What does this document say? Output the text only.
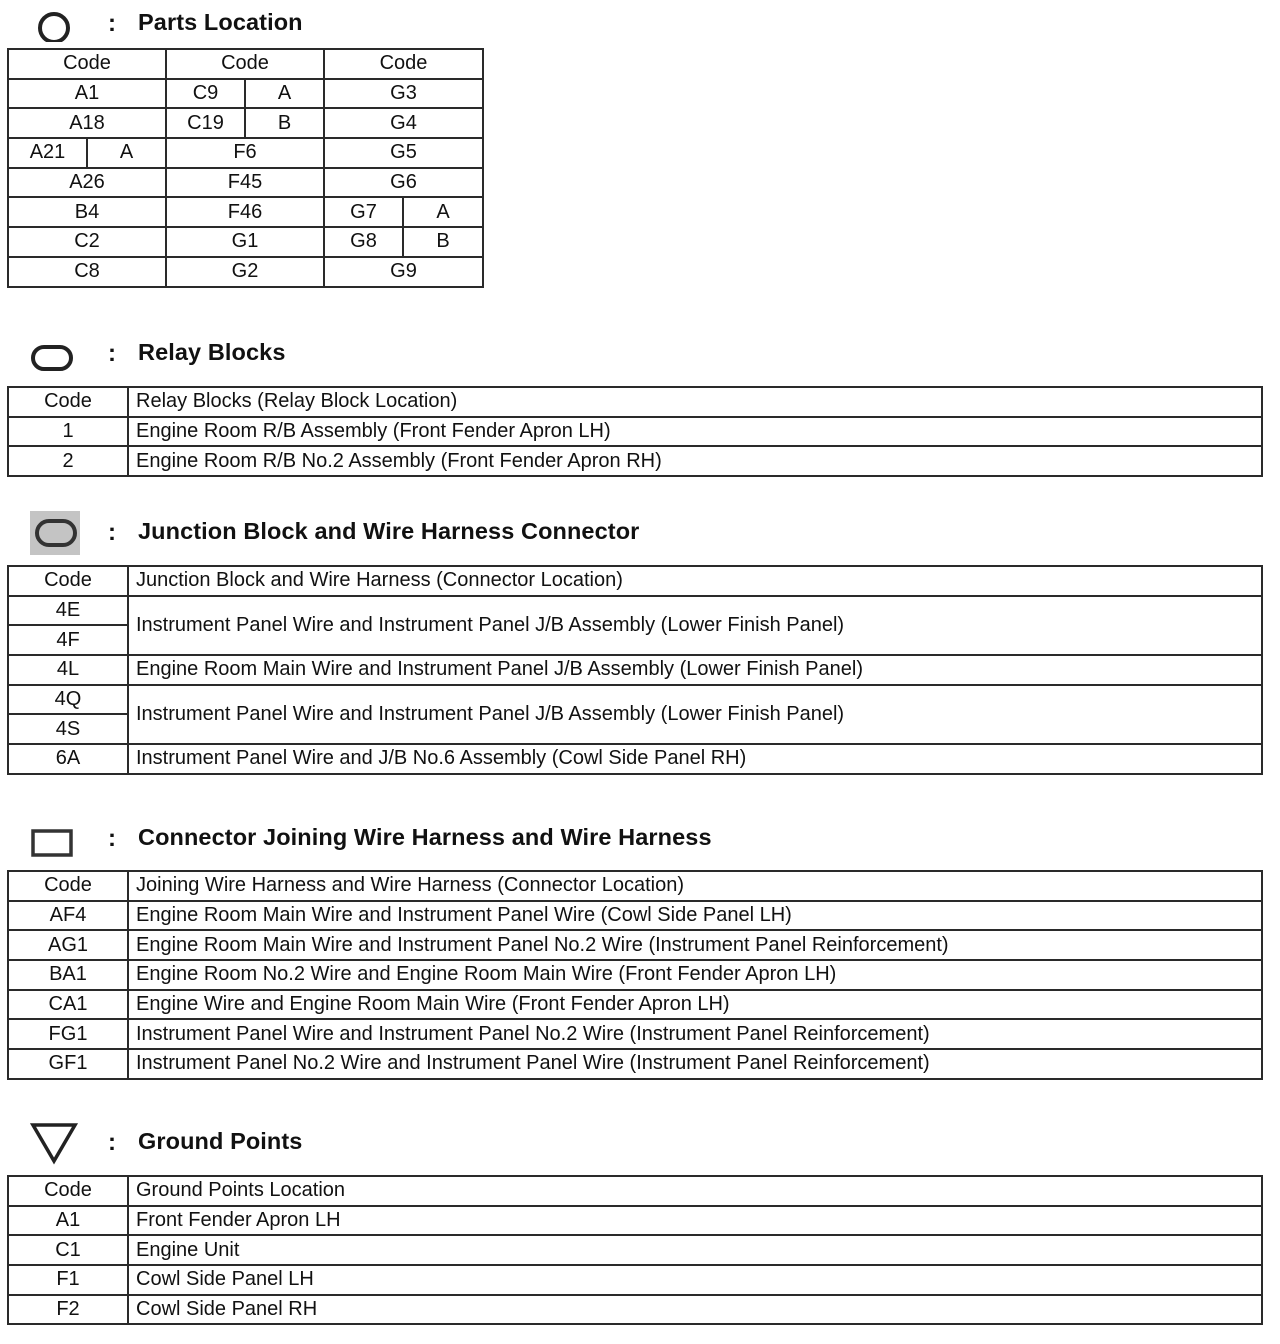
: Parts Location
Code		Code		Code	
A1		C9	A	G3	
A18		C19	B	G4	
A21	A	F6		G5	
A26		F45		G6	
B4		F46		G7	A
C2		G1		G8	B
C8		G2		G9	
: Relay Blocks
Code	Relay Blocks (Relay Block Location)
1	Engine Room R/B Assembly (Front Fender Apron LH)
2	Engine Room R/B No.2 Assembly (Front Fender Apron RH)
: Junction Block and Wire Harness Connector
Code	Junction Block and Wire Harness (Connector Location)
4E	Instrument Panel Wire and Instrument Panel J/B Assembly (Lower Finish Panel)
4F	
4L	Engine Room Main Wire and Instrument Panel J/B Assembly (Lower Finish Panel)
4Q	Instrument Panel Wire and Instrument Panel J/B Assembly (Lower Finish Panel)
4S	
6A	Instrument Panel Wire and J/B No.6 Assembly (Cowl Side Panel RH)
: Connector Joining Wire Harness and Wire Harness
Code	Joining Wire Harness and Wire Harness (Connector Location)
AF4	Engine Room Main Wire and Instrument Panel Wire (Cowl Side Panel LH)
AG1	Engine Room Main Wire and Instrument Panel No.2 Wire (Instrument Panel Reinforcement)
BA1	Engine Room No.2 Wire and Engine Room Main Wire (Front Fender Apron LH)
CA1	Engine Wire and Engine Room Main Wire (Front Fender Apron LH)
FG1	Instrument Panel Wire and Instrument Panel No.2 Wire (Instrument Panel Reinforcement)
GF1	Instrument Panel No.2 Wire and Instrument Panel Wire (Instrument Panel Reinforcement)
: Ground Points
Code	Ground Points Location
A1	Front Fender Apron LH
C1	Engine Unit
F1	Cowl Side Panel LH
F2	Cowl Side Panel RH
